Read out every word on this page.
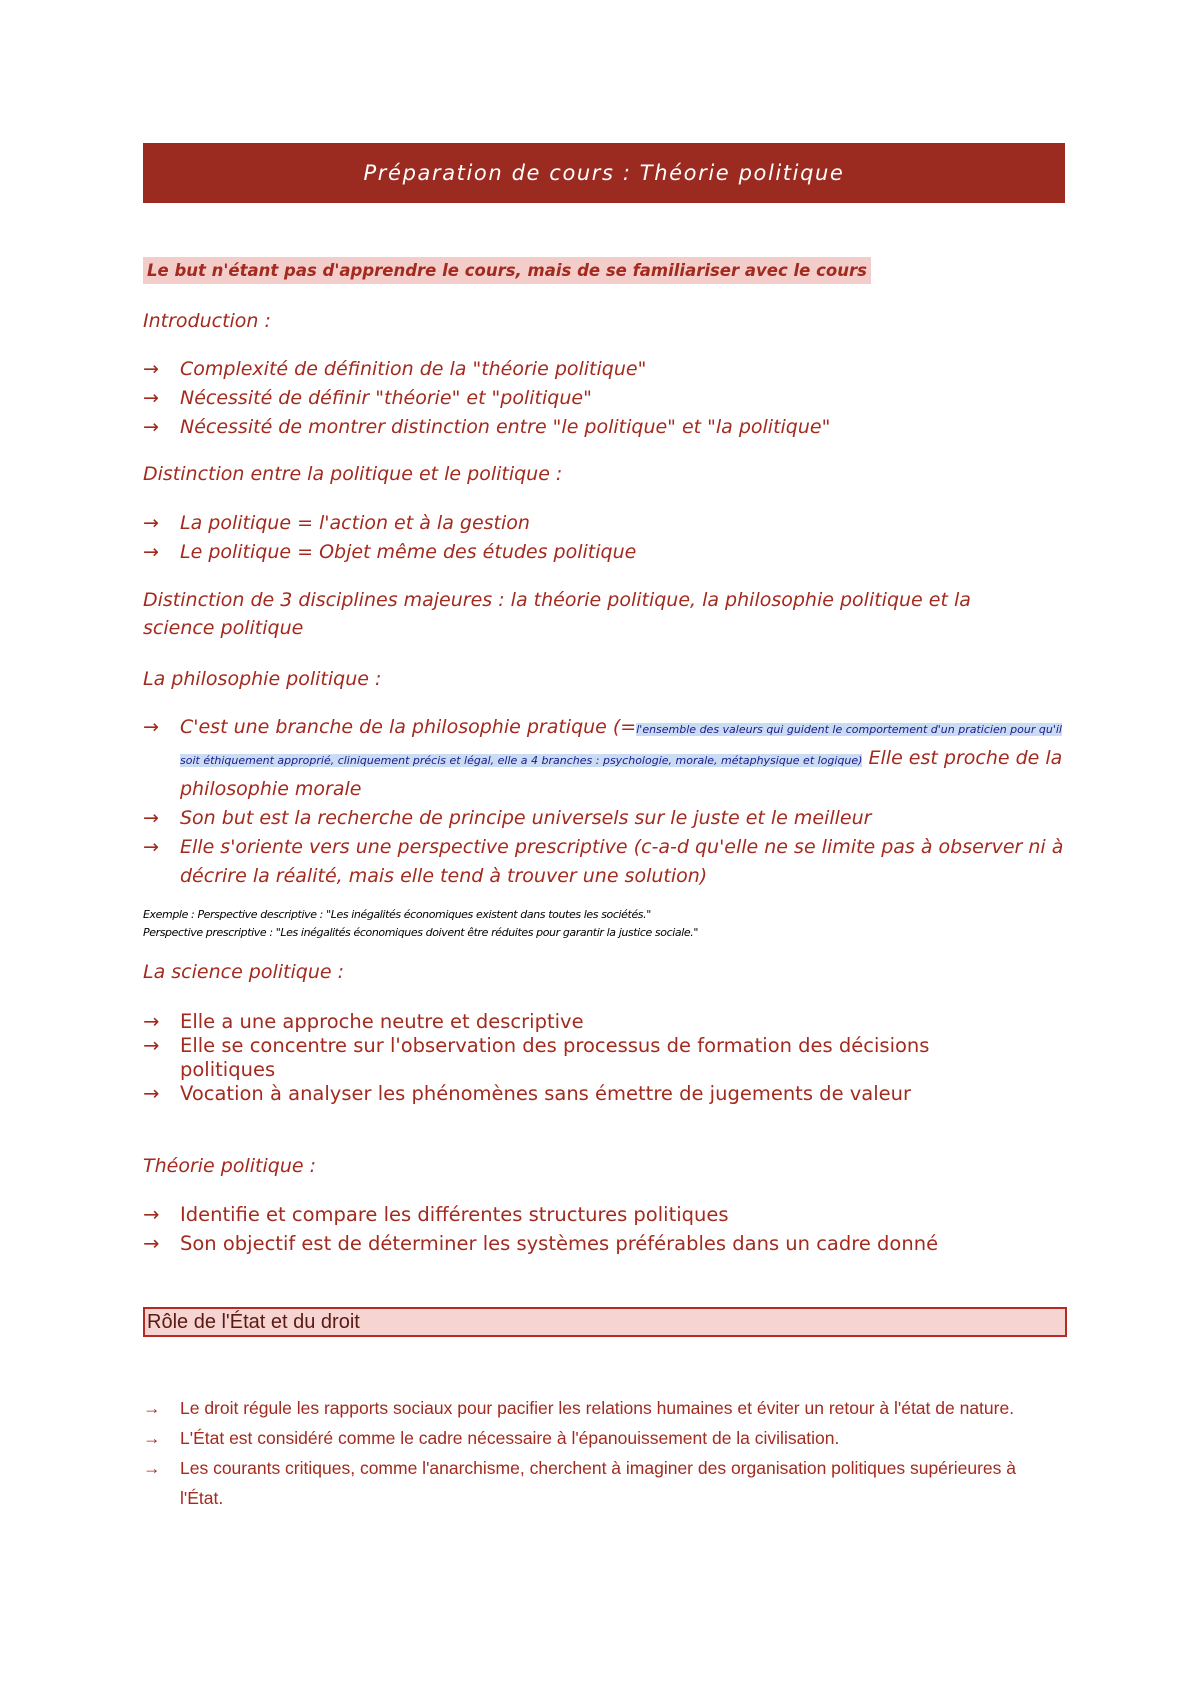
Préparation de cours : Théorie politique
Le but n'étant pas d'apprendre le cours, mais de se familiariser avec le cours
Introduction :
→ Complexité de définition de la "théorie politique"
→ Nécessité de définir "théorie" et "politique"
→ Nécessité de montrer distinction entre "le politique" et "la politique"
Distinction entre la politique et le politique :
→ La politique = l'action et à la gestion
→ Le politique = Objet même des études politique
Distinction de 3 disciplines majeures : la théorie politique, la philosophie politique et la science politique
La philosophie politique :
→ C'est une branche de la philosophie pratique (=l'ensemble des valeurs qui guident le comportement d'un praticien pour qu'il soit éthiquement approprié, cliniquement précis et légal, elle a 4 branches : psychologie, morale, métaphysique et logique) Elle est proche de la philosophie morale
→ Son but est la recherche de principe universels sur le juste et le meilleur
→ Elle s'oriente vers une perspective prescriptive (c-a-d qu'elle ne se limite pas à observer ni à décrire la réalité, mais elle tend à trouver une solution)
Exemple : Perspective descriptive : "Les inégalités économiques existent dans toutes les sociétés."
Perspective prescriptive : "Les inégalités économiques doivent être réduites pour garantir la justice sociale."
La science politique :
→ Elle a une approche neutre et descriptive
→ Elle se concentre sur l'observation des processus de formation des décisions politiques
→ Vocation à analyser les phénomènes sans émettre de jugements de valeur
Théorie politique :
→ Identifie et compare les différentes structures politiques
→ Son objectif est de déterminer les systèmes préférables dans un cadre donné
Rôle de l'État et du droit
→ Le droit régule les rapports sociaux pour pacifier les relations humaines et éviter un retour à l'état de nature.
→ L'État est considéré comme le cadre nécessaire à l'épanouissement de la civilisation.
→ Les courants critiques, comme l'anarchisme, cherchent à imaginer des organisation politiques supérieures à l'État.
